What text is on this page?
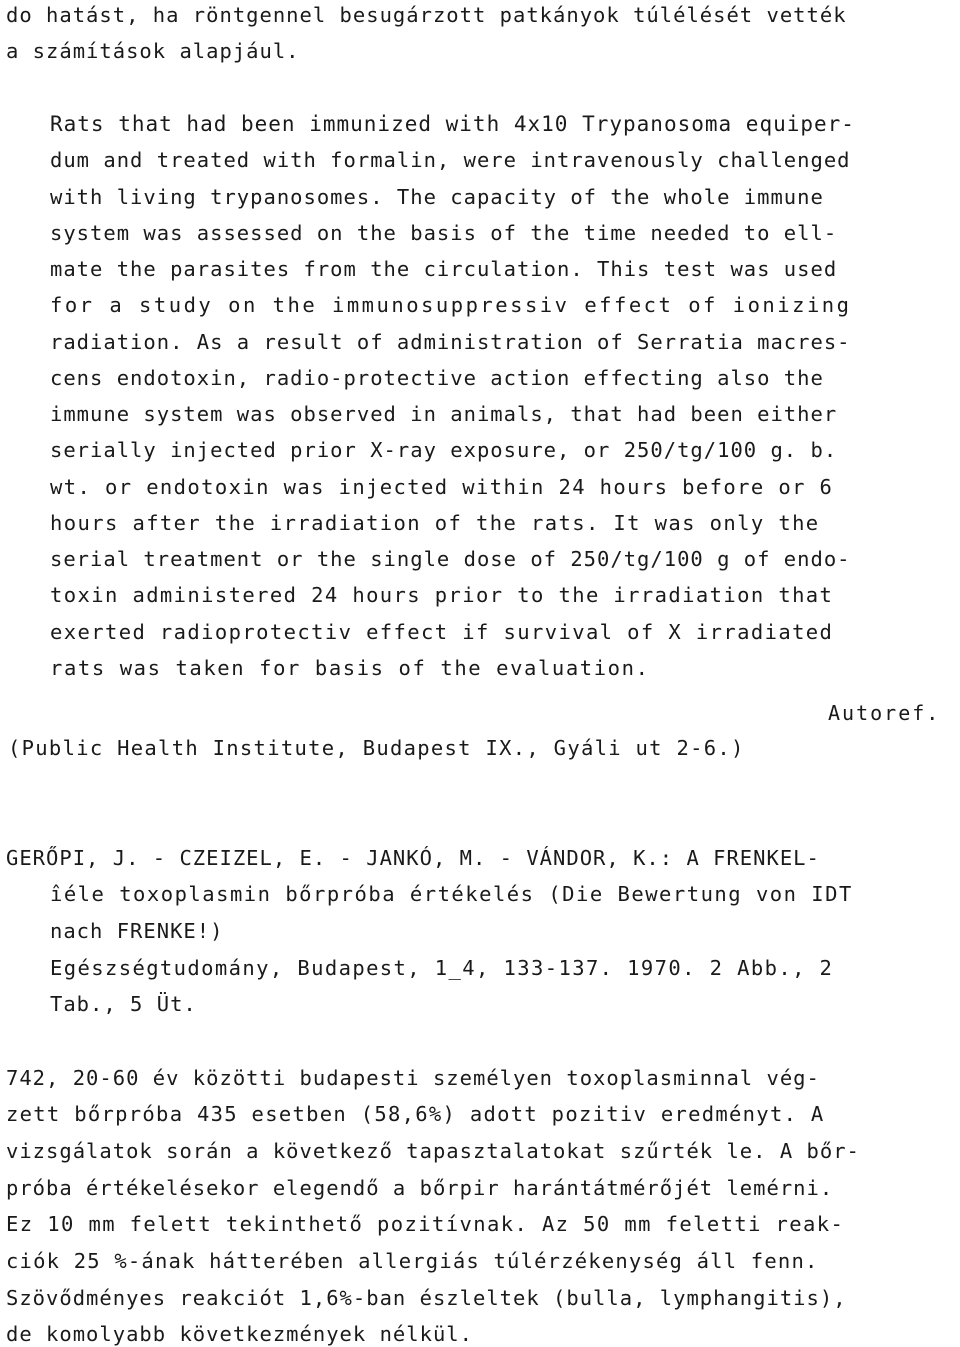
do hatást, ha röntgennel besugárzott patkányok túlélését vették
a számítások alapjául.
Rats that had been immunized with 4x10 Trypanosoma equiper-
dum and treated with formalin, were intravenously challenged
with living trypanosomes. The capacity of the whole immune
system was assessed on the basis of the time needed to ell-
mate the parasites from the circulation. This test was used
for a study on the immunosuppressiv effect of ionizing
radiation. As a result of administration of Serratia macres-
cens endotoxin, radio-protective action effecting also the
immune system was observed in animals, that had been either
serially injected prior X-ray exposure, or 250/tg/100 g. b.
wt. or endotoxin was injected within 24 hours before or 6
hours after the irradiation of the rats. It was only the
serial treatment or the single dose of 250/tg/100 g of endo-
toxin administered 24 hours prior to the irradiation that
exerted radioprotectiv effect if survival of X irradiated
rats was taken for basis of the evaluation.
Autoref.
(Public Health Institute, Budapest IX., Gyáli ut 2-6.)
GERŐPI, J. - CZEIZEL, E. - JANKÓ, M. - VÁNDOR, K.: A FRENKEL-
îéle toxoplasmin bőrpróba értékelés (Die Bewertung von IDT
nach FRENKE!)
Egészségtudomány, Budapest, 1_4, 133-137. 1970. 2 Abb., 2
Tab., 5 Üt.
742, 20-60 év közötti budapesti személyen toxoplasminnal vég-
zett bőrpróba 435 esetben (58,6%) adott pozitiv eredményt. A
vizsgálatok során a következő tapasztalatokat szűrték le. A bőr-
próba értékelésekor elegendő a bőrpir harántátmérőjét lemérni.
Ez 10 mm felett tekinthető pozitívnak. Az 50 mm feletti reak-
ciók 25 %-ának hátterében allergiás túlérzékenység áll fenn.
Szövődményes reakciót 1,6%-ban észleltek (bulla, lymphangitis),
de komolyabb következmények nélkül.
